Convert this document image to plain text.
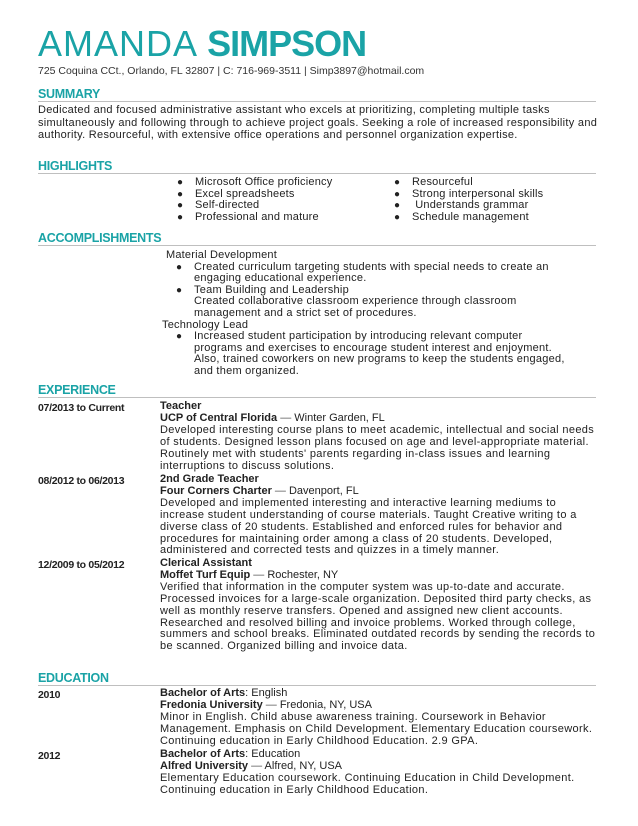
AMANDA SIMPSON
725 Coquina CCt., Orlando, FL 32807 | C: 716-969-3511 | Simp3897@hotmail.com
SUMMARY
Dedicated and focused administrative assistant who excels at prioritizing, completing multiple tasks simultaneously and following through to achieve project goals. Seeking a role of increased responsibility and authority. Resourceful, with extensive office operations and personnel organization expertise.
HIGHLIGHTS
● Microsoft Office proficiency
● Excel spreadsheets
● Self-directed
● Professional and mature
● Resourceful
● Strong interpersonal skills
● Understands grammar
● Schedule management
ACCOMPLISHMENTS
Material Development
● Created curriculum targeting students with special needs to create an
engaging educational experience.
● Team Building and Leadership
Created collaborative classroom experience through classroom
management and a strict set of procedures.
Technology Lead
● Increased student participation by introducing relevant computer
programs and exercises to encourage student interest and enjoyment.
Also, trained coworkers on new programs to keep the students engaged,
and them organized.
EXPERIENCE
07/2013 to Current	Teacher
UCP of Central Florida — Winter Garden, FL
Developed interesting course plans to meet academic, intellectual and social needs of students. Designed lesson plans focused on age and level-appropriate material. Routinely met with students' parents regarding in-class issues and learning interruptions to discuss solutions.
08/2012 to 06/2013	2nd Grade Teacher
Four Corners Charter — Davenport, FL
Developed and implemented interesting and interactive learning mediums to increase student understanding of course materials. Taught Creative writing to a diverse class of 20 students. Established and enforced rules for behavior and procedures for maintaining order among a class of 20 students. Developed, administered and corrected tests and quizzes in a timely manner.
12/2009 to 05/2012	Clerical Assistant
Moffet Turf Equip — Rochester, NY
Verified that information in the computer system was up-to-date and accurate. Processed invoices for a large-scale organization. Deposited third party checks, as well as monthly reserve transfers. Opened and assigned new client accounts. Researched and resolved billing and invoice problems. Worked through college, summers and school breaks. Eliminated outdated records by sending the records to be scanned. Organized billing and invoice data.
EDUCATION
2010	Bachelor of Arts: English
Fredonia University — Fredonia, NY, USA
Minor in English. Child abuse awareness training. Coursework in Behavior Management. Emphasis on Child Development. Elementary Education coursework. Continuing education in Early Childhood Education. 2.9 GPA.
2012	Bachelor of Arts: Education
Alfred University — Alfred, NY, USA
Elementary Education coursework. Continuing Education in Child Development. Continuing education in Early Childhood Education.
